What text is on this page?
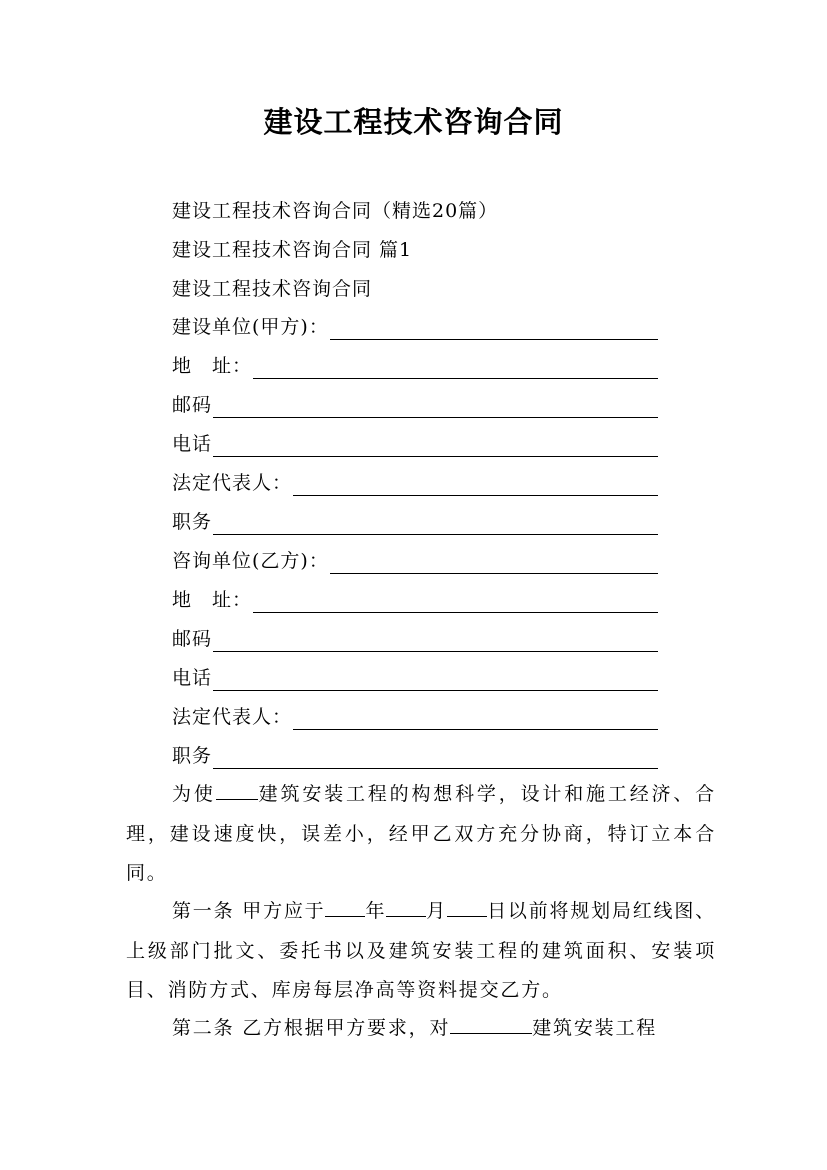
建设工程技术咨询合同
建设工程技术咨询合同（精选20篇）
建设工程技术咨询合同 篇1
建设工程技术咨询合同
建设单位(甲方)：
地　址：
邮码
电话
法定代表人：
职务
咨询单位(乙方)：
地　址：
邮码
电话
法定代表人：
职务
为使 建筑安装工程的构想科学，设计和施工经济、合理，建设速度快，误差小，经甲乙双方充分协商，特订立本合同。
第一条 甲方应于 年 月 日以前将规划局红线图、上级部门批文、委托书以及建筑安装工程的建筑面积、安装项目、消防方式、库房每层净高等资料提交乙方。
第二条 乙方根据甲方要求，对	建筑安装工程
